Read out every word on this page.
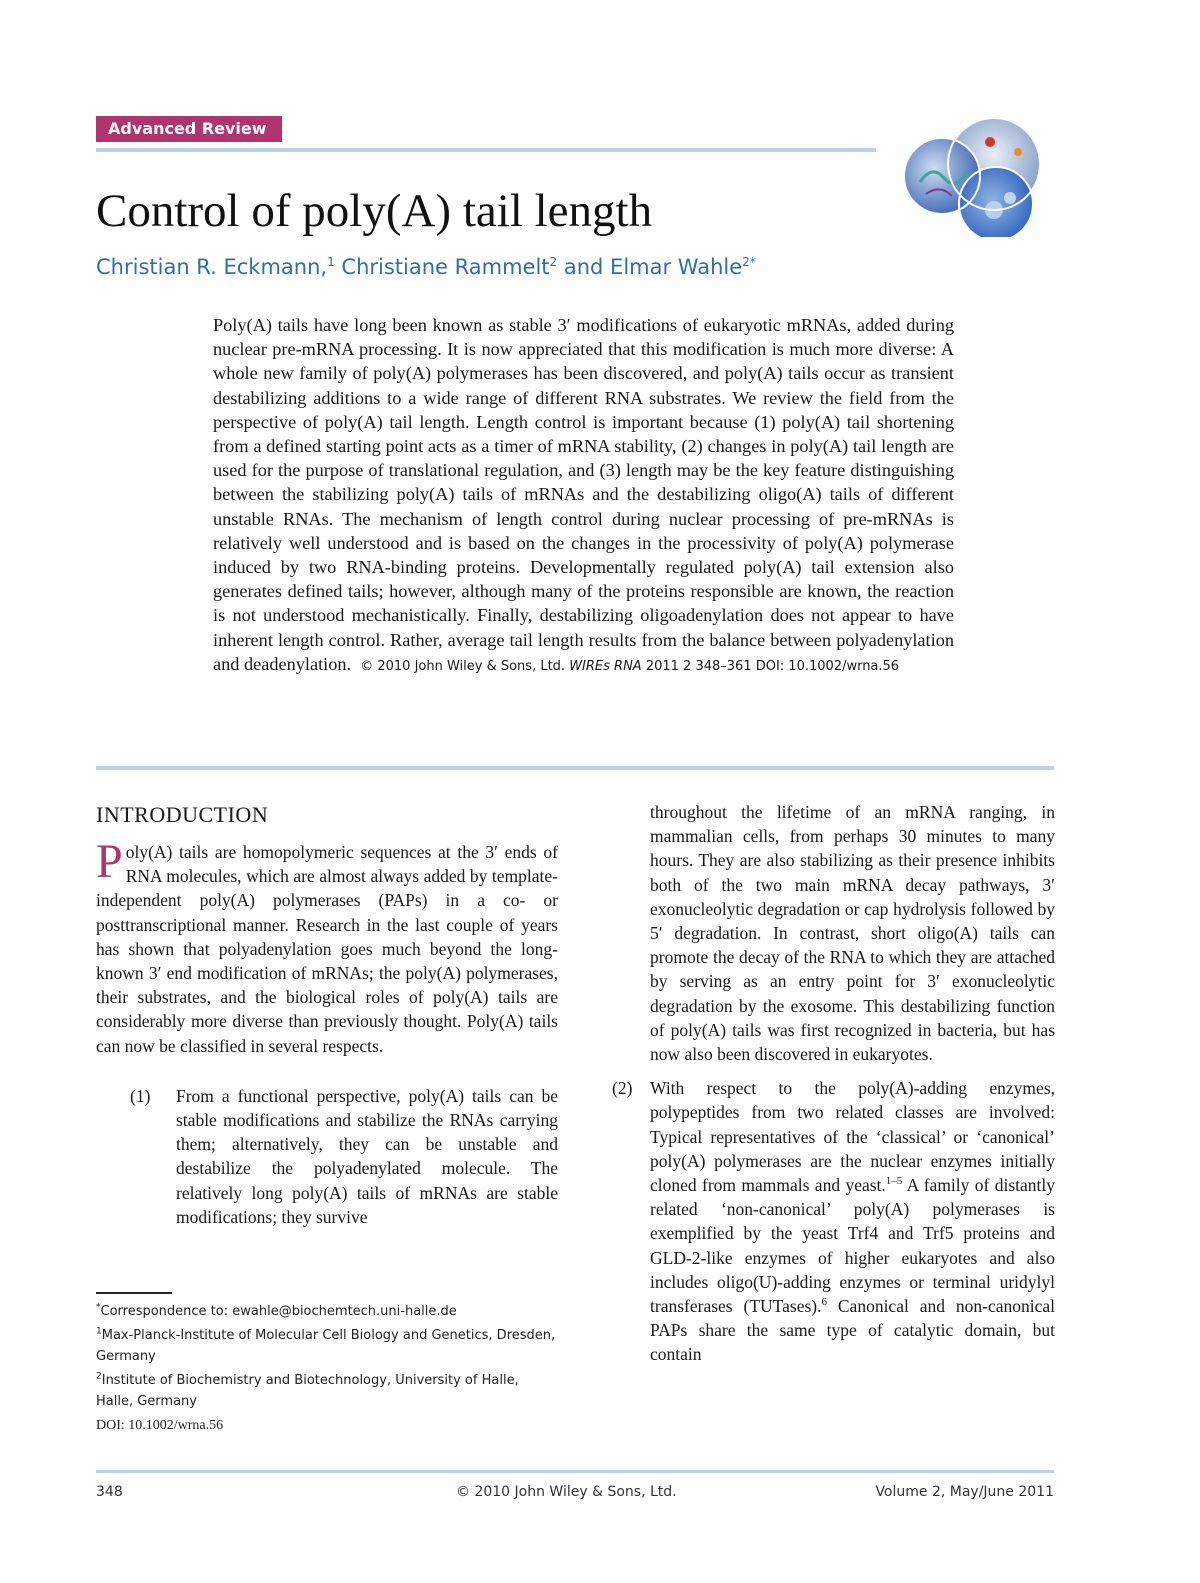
Advanced Review
Control of poly(A) tail length
Christian R. Eckmann,$^1$ Christiane Rammelt$^2$ and Elmar Wahle$^{2*}$

Poly(A) tails have long been known as stable 3′ modifications of eukaryotic mRNAs, added during nuclear pre-mRNA processing. It is now appreciated that this modification is much more diverse: A whole new family of poly(A) polymerases has been discovered, and poly(A) tails occur as transient destabilizing additions to a wide range of different RNA substrates. We review the field from the perspective of poly(A) tail length. Length control is important because (1) poly(A) tail shortening from a defined starting point acts as a timer of mRNA stability, (2) changes in poly(A) tail length are used for the purpose of translational regulation, and (3) length may be the key feature distinguishing between the stabilizing poly(A) tails of mRNAs and the destabilizing oligo(A) tails of different unstable RNAs. The mechanism of length control during nuclear processing of pre-mRNAs is relatively well understood and is based on the changes in the processivity of poly(A) polymerase induced by two RNA-binding proteins. Developmentally regulated poly(A) tail extension also generates defined tails; however, although many of the proteins responsible are known, the reaction is not understood mechanistically. Finally, destabilizing oligoadenylation does not appear to have inherent length control. Rather, average tail length results from the balance between polyadenylation and deadenylation. © 2010 John Wiley & Sons, Ltd. WIREs RNA 2011 2 348–361 DOI: 10.1002/wrna.56

INTRODUCTION

Poly(A) tails are homopolymeric sequences at the 3′ ends of RNA molecules, which are almost always added by template-independent poly(A) polymerases (PAPs) in a co- or posttranscriptional manner. Research in the last couple of years has shown that polyadenylation goes much beyond the long-known 3′ end modification of mRNAs; the poly(A) polymerases, their substrates, and the biological roles of poly(A) tails are considerably more diverse than previously thought. Poly(A) tails can now be classified in several respects.

(1)	From a functional perspective, poly(A) tails can be stable modifications and stabilize the RNAs carrying them; alternatively, they can be unstable and destabilize the polyadenylated molecule. The relatively long poly(A) tails of mRNAs are stable modifications; they survive

throughout the lifetime of an mRNA ranging, in mammalian cells, from perhaps 30 minutes to many hours. They are also stabilizing as their presence inhibits both of the two main mRNA decay pathways, 3′ exonucleolytic degradation or cap hydrolysis followed by 5′ degradation. In contrast, short oligo(A) tails can promote the decay of the RNA to which they are attached by serving as an entry point for 3′ exonucleolytic degradation by the exosome. This destabilizing function of poly(A) tails was first recognized in bacteria, but has now also been discovered in eukaryotes.

(2)	With respect to the poly(A)-adding enzymes, polypeptides from two related classes are involved: Typical representatives of the ‘classical’ or ‘canonical’ poly(A) polymerases are the nuclear enzymes initially cloned from mammals and yeast.$^{1-5}$ A family of distantly related ‘non-canonical’ poly(A) polymerases is exemplified by the yeast Trf4 and Trf5 proteins and GLD-2-like enzymes of higher eukaryotes and also includes oligo(U)-adding enzymes or terminal uridylyl transferases (TUTases).$^6$ Canonical and non-canonical PAPs share the same type of catalytic domain, but contain

*Correspondence to: ewahle@biochemtech.uni-halle.de

$^1$Max-Planck-Institute of Molecular Cell Biology and Genetics, Dresden, Germany

$^2$Institute of Biochemistry and Biotechnology, University of Halle, Halle, Germany

DOI: 10.1002/wrna.56

348	© 2010 John Wiley & Sons, Ltd.	Volume 2, May/June 2011
